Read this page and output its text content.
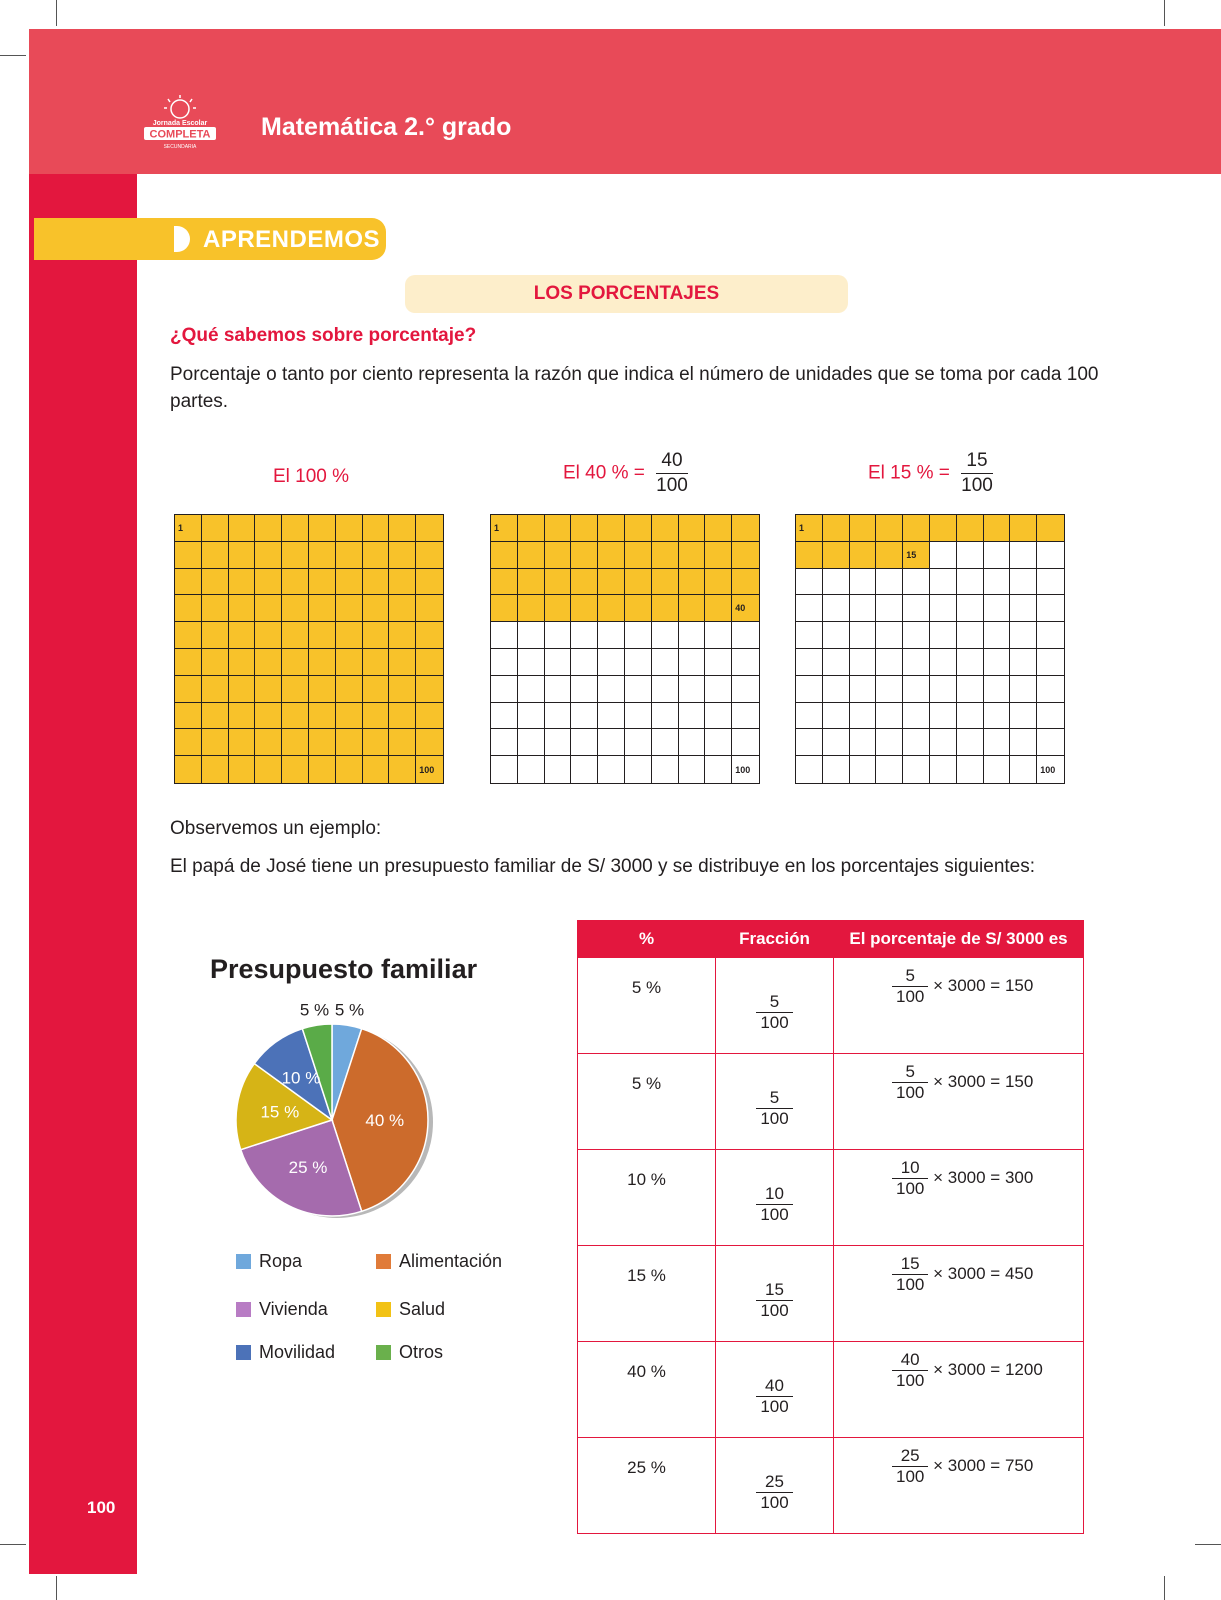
Jornada Escolar
COMPLETA
SECUNDARIA
Matemática 2.° grado
APRENDEMOS
LOS PORCENTAJES
¿Qué sabemos sobre porcentaje?
Porcentaje o tanto por ciento representa la razón que indica el número de unidades que se toma por cada 100 partes.
El 100 %	El 40 % = $\frac{40}{100}$	El 15 % = $\frac{15}{100}$
1
100
1
40
100
1
15
100
Observemos un ejemplo:
El papá de José tiene un presupuesto familiar de S/ 3000 y se distribuye en los porcentajes siguientes:
Presupuesto familiar
5 %
40 %
25 %
15 %
10 %
5 %
Ropa	Alimentación
Vivienda	Salud
Movilidad	Otros
%	Fracción	El porcentaje de S/ 3000 es
5 %	$\frac{5}{100}$	$\frac{5}{100} \times 3000 = 150$
5 %	$\frac{5}{100}$	$\frac{5}{100} \times 3000 = 150$
10 %	$\frac{10}{100}$	$\frac{10}{100} \times 3000 = 300$
15 %	$\frac{15}{100}$	$\frac{15}{100} \times 3000 = 450$
40 %	$\frac{40}{100}$	$\frac{40}{100} \times 3000 = 1200$
25 %	$\frac{25}{100}$	$\frac{25}{100} \times 3000 = 750$
100
